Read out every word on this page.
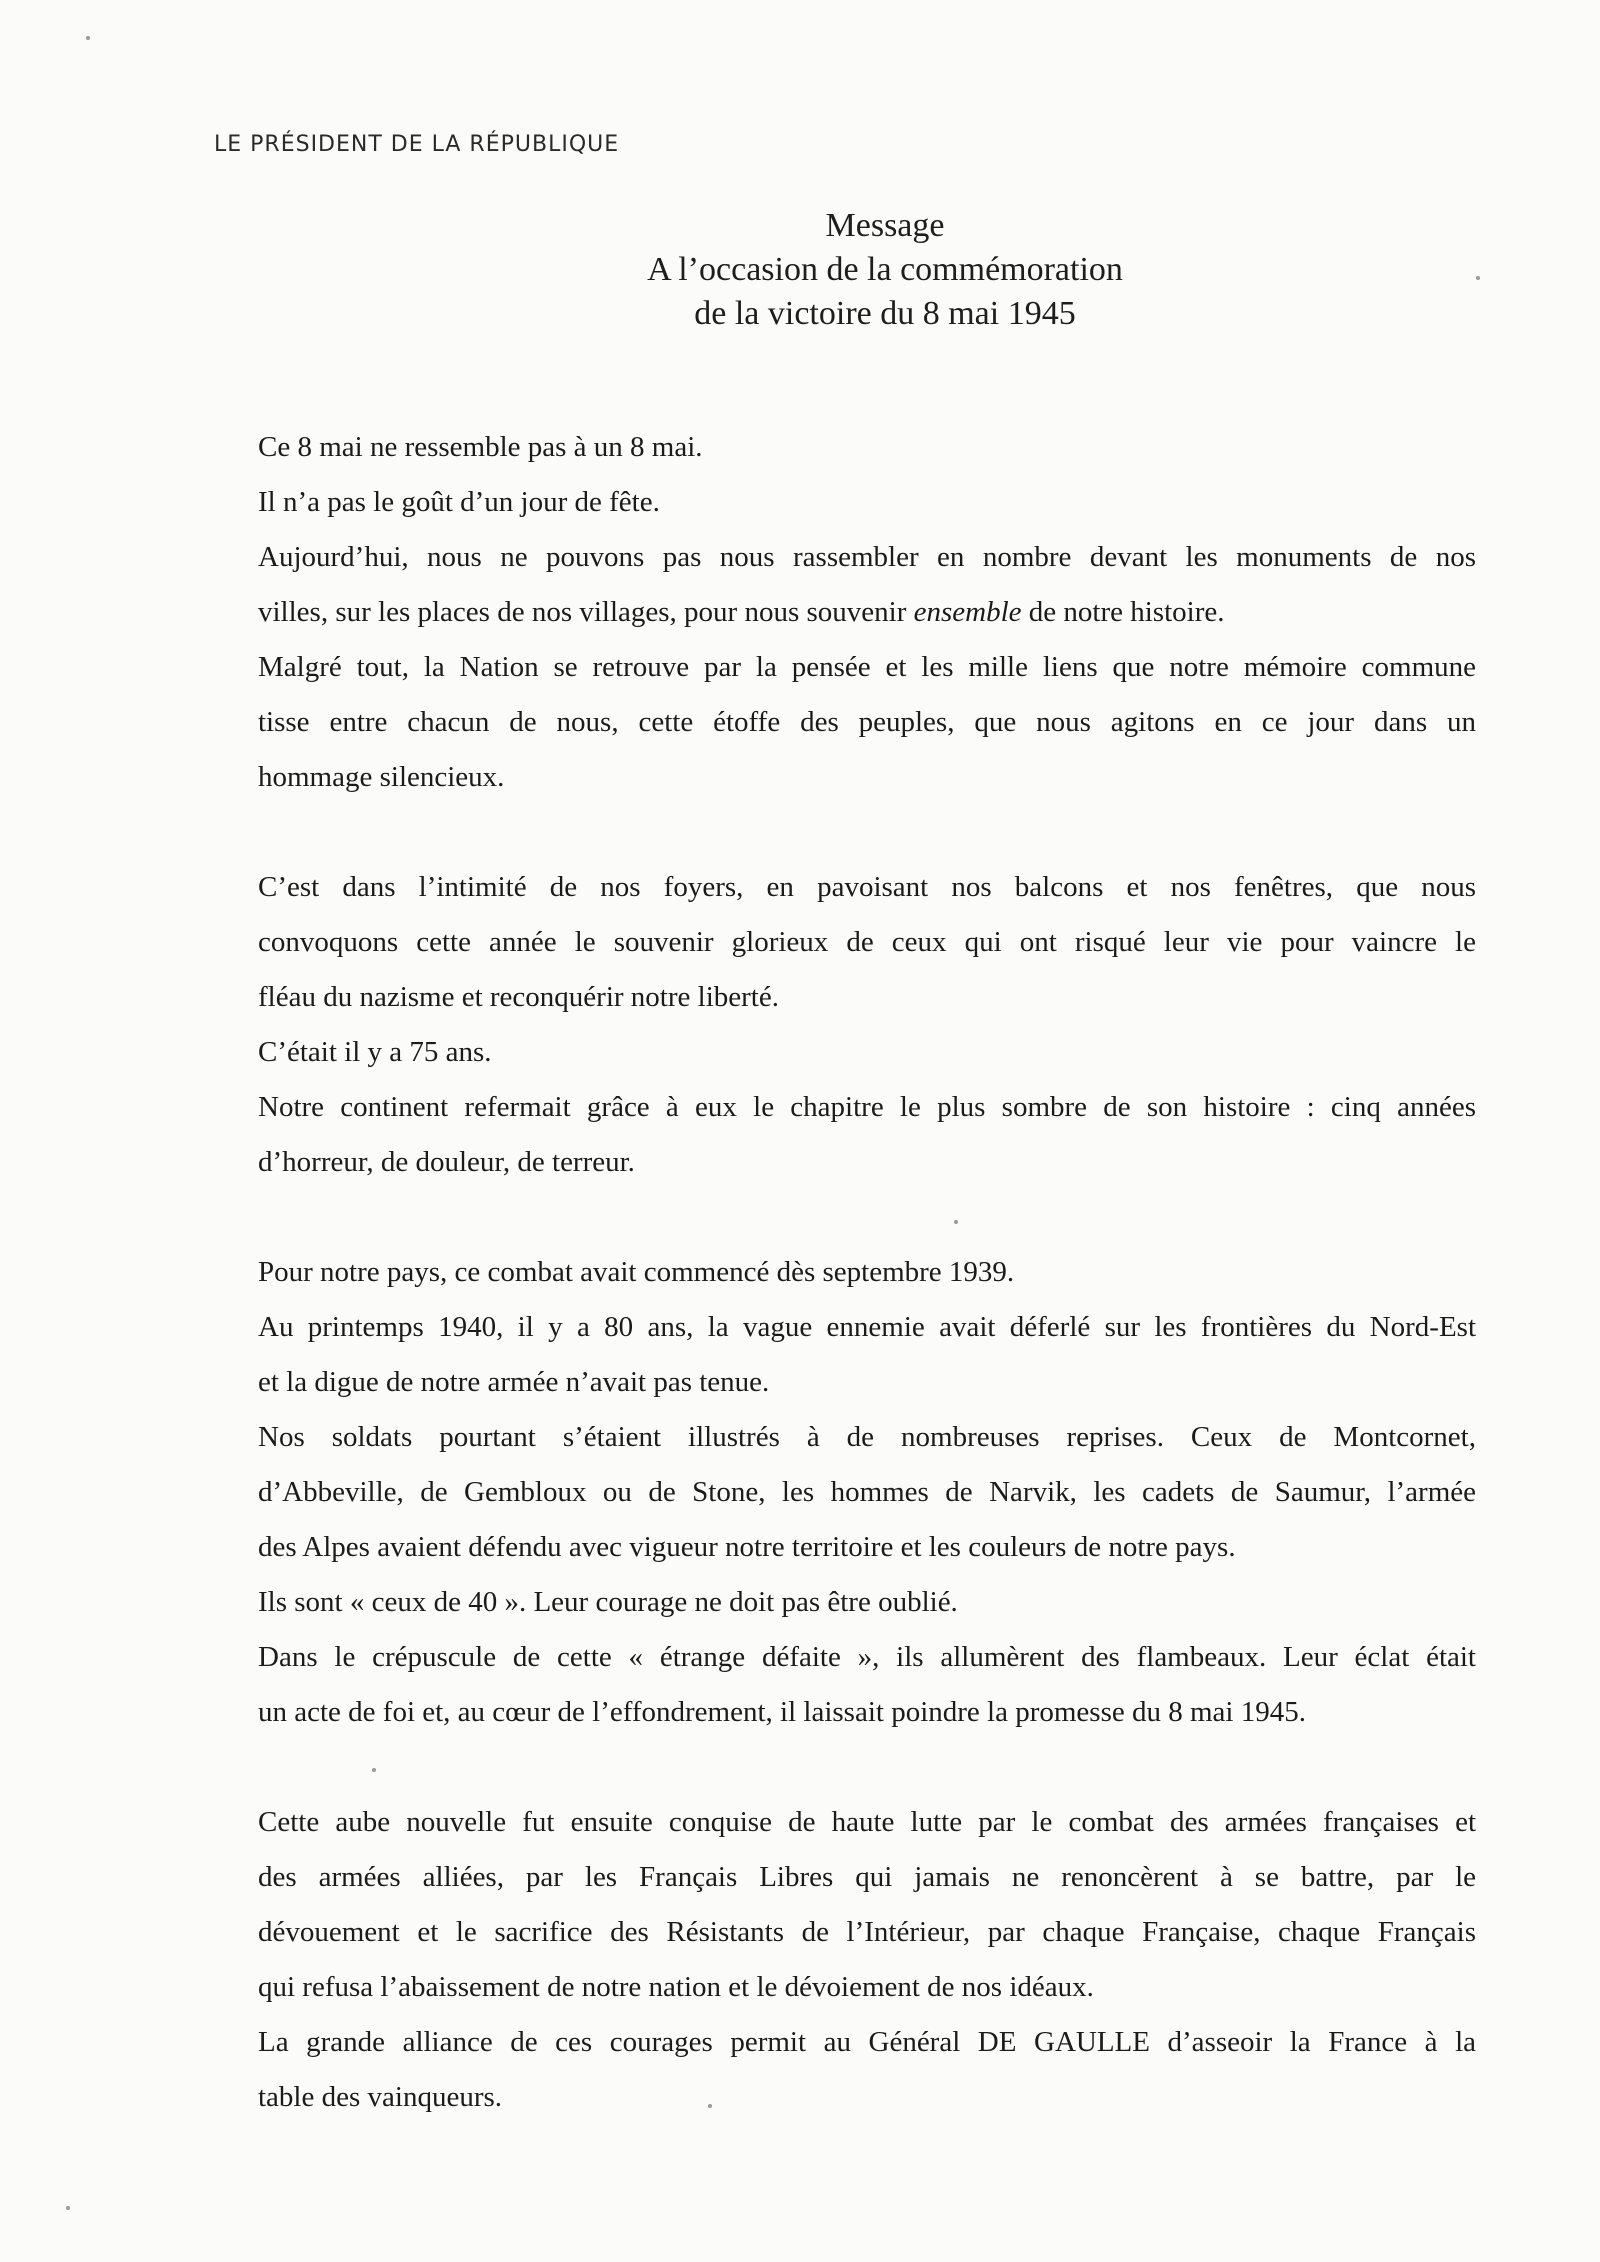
LE PRÉSIDENT DE LA RÉPUBLIQUE
Message
A l’occasion de la commémoration
de la victoire du 8 mai 1945

Ce 8 mai ne ressemble pas à un 8 mai.
Il n’a pas le goût d’un jour de fête.
Aujourd’hui, nous ne pouvons pas nous rassembler en nombre devant les monuments de nos
villes, sur les places de nos villages, pour nous souvenir ensemble de notre histoire.
Malgré tout, la Nation se retrouve par la pensée et les mille liens que notre mémoire commune
tisse entre chacun de nous, cette étoffe des peuples, que nous agitons en ce jour dans un
hommage silencieux.

C’est dans l’intimité de nos foyers, en pavoisant nos balcons et nos fenêtres, que nous
convoquons cette année le souvenir glorieux de ceux qui ont risqué leur vie pour vaincre le
fléau du nazisme et reconquérir notre liberté.
C’était il y a 75 ans.
Notre continent refermait grâce à eux le chapitre le plus sombre de son histoire : cinq années
d’horreur, de douleur, de terreur.

Pour notre pays, ce combat avait commencé dès septembre 1939.
Au printemps 1940, il y a 80 ans, la vague ennemie avait déferlé sur les frontières du Nord-Est
et la digue de notre armée n’avait pas tenue.
Nos soldats pourtant s’étaient illustrés à de nombreuses reprises. Ceux de Montcornet,
d’Abbeville, de Gembloux ou de Stone, les hommes de Narvik, les cadets de Saumur, l’armée
des Alpes avaient défendu avec vigueur notre territoire et les couleurs de notre pays.
Ils sont « ceux de 40 ». Leur courage ne doit pas être oublié.
Dans le crépuscule de cette « étrange défaite », ils allumèrent des flambeaux. Leur éclat était
un acte de foi et, au cœur de l’effondrement, il laissait poindre la promesse du 8 mai 1945.

Cette aube nouvelle fut ensuite conquise de haute lutte par le combat des armées françaises et
des armées alliées, par les Français Libres qui jamais ne renoncèrent à se battre, par le
dévouement et le sacrifice des Résistants de l’Intérieur, par chaque Française, chaque Français
qui refusa l’abaissement de notre nation et le dévoiement de nos idéaux.
La grande alliance de ces courages permit au Général DE GAULLE d’asseoir la France à la
table des vainqueurs.
